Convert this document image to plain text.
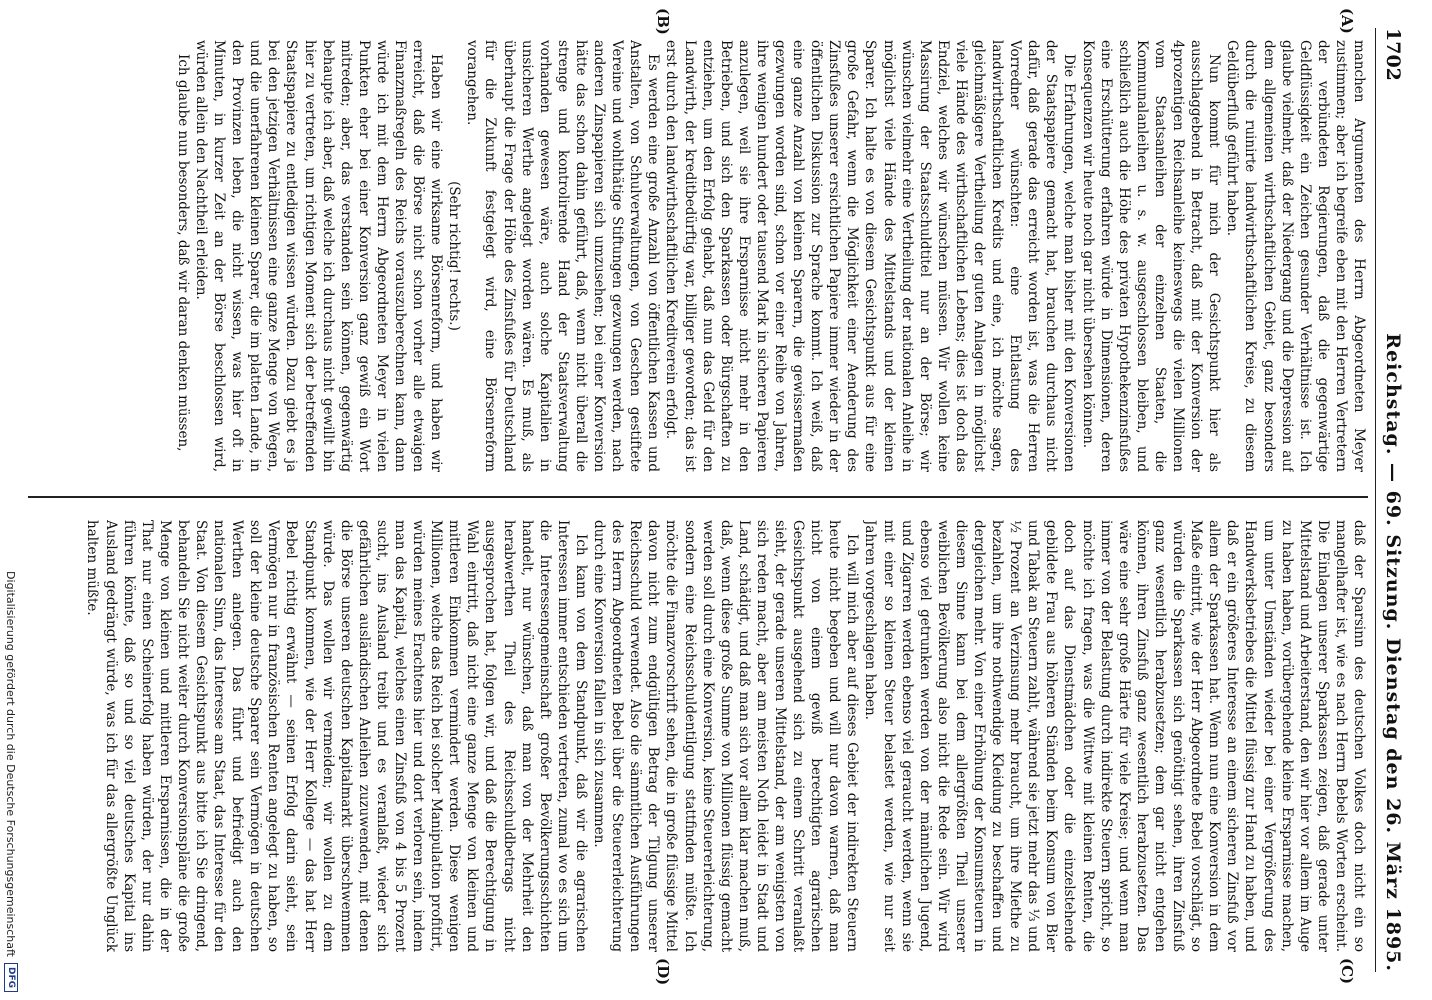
1702
Reichstag. — 69. Sitzung. Dienstag den 26. März 1895.
(A)
(B)
(C)
(D)

manchen Argumenten des Herrn Abgeordneten Meyer zustimmen; aber ich begreife eben mit den Herren Vertretern der verbündeten Regierungen, daß die gegenwärtige Geldflüssigkeit ein Zeichen gesunder Verhältnisse ist. Ich glaube vielmehr, daß der Niedergang und die Depression auf dem allgemeinen wirthschaftlichen Gebiet, ganz besonders durch die ruinirte landwirthschaftlichen Kreise, zu diesem Geldüberfluß geführt haben.

Nun kommt für mich der Gesichtspunkt hier als ausschlaggebend in Betracht, daß mit der Konversion der 4prozentigen Reichsanleihe keineswegs die vielen Millionen vom Staatsanleihen der einzelnen Staaten, die Kommunalanleihen u. s. w. ausgeschlossen bleiben, und schließlich auch die Höhe des privaten Hypothekenzinsfußes eine Erschütterung erfahren würde in Dimensionen, deren Konsequenzen wir heute noch gar nicht übersehen können.

Die Erfahrungen, welche man bisher mit den Konversionen der Staatspapiere gemacht hat, brauchen durchaus nicht dafür, daß gerade das erreicht worden ist, was die Herren Vorredner wünschten: eine Entlastung des landwirthschaftlichen Kredits und eine, ich möchte sagen, gleichmäßigere Vertheilung der guten Anlagen in möglichst viele Hände des wirthschaftlichen Lebens; dies ist doch das Endziel, welches wir wünschen müssen. Wir wollen keine Massirung der Staatsschuldtitel nur an der Börse; wir wünschen vielmehr eine Vertheilung der nationalen Anleihe in möglichst viele Hände des Mittelstands und der kleinen Sparer. Ich halte es von diesem Gesichtspunkt aus für eine große Gefahr, wenn die Möglichkeit einer Aenderung des Zinsfußes unserer ersichtlichen Papiere immer wieder in der öffentlichen Diskussion zur Sprache kommt. Ich weiß, daß eine ganze Anzahl von kleinen Sparern, die gewissermaßen gezwungen worden sind, schon vor einer Reihe von Jahren, ihre wenigen hundert oder tausend Mark in sicheren Papieren anzulegen, weil sie ihre Ersparnisse nicht mehr in den Betrieben, und sich den Sparkassen oder Bürgschaften zu entziehen, um den Erfolg gehabt, daß nun das Geld für den Landwirth, der kreditbedürftig war, billiger geworden; das ist erst durch den landwirthschaftlichen Kreditverein erfolgt.

Es werden eine große Anzahl von öffentlichen Kassen und Anstalten, von Schulverwaltungen, von Geschen gestiftete Vereine und wohlthätige Stiftungen gezwungen werden, nach anderen Zinspapieren sich umzusehen; bei einer Konversion hätte das schon dahin geführt, daß, wenn nicht überall die strenge und kontrolirende Hand der Staatsverwaltung vorhanden gewesen wäre, auch solche Kapitalien in unsicheren Werthe angelegt worden wären. Es muß, als überhaupt die Frage der Höhe des Zinsfußes für Deutschland für die Zukunft festgelegt wird, eine Börsenreform vorangehen.

(Sehr richtig! rechts.)

Haben wir eine wirksame Börsenreform, und haben wir erreicht, daß die Börse nicht schon vorher alle etwaigen Finanzmaßregeln des Reichs vorauszuberechnen kann, dann würde ich mit dem Herrn Abgeordneten Meyer in vielen Punkten eher bei einer Konversion ganz gewiß ein Wort mitreden; aber, das verstanden sein können, gegenwärtig behaupte ich aber, daß welche ich durchaus nicht gewillt bin hier zu vertreten, um richtigen Moment sich der betreffenden Staatspapiere zu entledigen wissen würden. Dazu giebt es ja bei den jetzigen Verhältnissen eine ganze Menge von Wegen, und die unerfahrenen kleinen Sparer, die im platten Lande, in den Provinzen leben, die nicht wissen, was hier oft in Minuten, in kurzer Zeit an der Börse beschlossen wird, würden allein den Nachtheil erleiden.

Ich glaube nun besonders, daß wir daran denken müssen,

daß der Sparsinn des deutschen Volkes doch nicht ein so mangelhafter ist, wie es nach Herrn Bebels Worten erscheint. Die Einlagen unserer Sparkassen zeigen, daß gerade unter Mittelstand und Arbeiterstand, den wir hier vor allem im Auge zu haben haben, vorübergehende kleine Ersparnisse machen, um unter Umständen wieder bei einer Vergrößerung des Handwerksbetriebes die Mittel flüssig zur Hand zu haben, und daß er ein größeres Interesse an einem sicheren Zinsfuß vor allem der Sparkassen hat. Wenn nun eine Konversion in dem Maße eintritt, wie der Herr Abgeordnete Bebel vorschlägt, so würden die Sparkassen sich genöthigt sehen, ihren Zinsfuß ganz wesentlich herabzusetzen; dem gar nicht entgehen können, ihren Zinsfuß ganz wesentlich herabzusetzen. Das wäre eine sehr große Härte für viele Kreise; und wenn man immer von der Belastung durch indirekte Steuern spricht, so möchte ich fragen, was die Wittwe mit kleinen Renten, die doch auf das Dienstmädchen oder die einzelstehende gebildete Frau aus höheren Ständen beim Konsum von Bier und Tabak an Steuern zahlt, während sie jetzt mehr das ⅓ und ½ Prozent an Verzinsung mehr braucht, um ihre Miethe zu bezahlen, um ihre nothwendige Kleidung zu beschaffen und dergleichen mehr. Von einer Erhöhung der Konsumsteuern in diesem Sinne kann bei dem allergrößten Theil unserer weiblichen Bevölkerung also nicht die Rede sein. Wir wird ebenso viel getrunken werden von der männlichen Jugend, und Zigarren werden ebenso viel geraucht werden, wenn sie mit einer so kleinen Steuer belastet werden, wie nur seit Jahren vorgeschlagen haben.

Ich will mich aber auf dieses Gebiet der indirekten Steuern heute nicht begeben und will nur davon warnen, daß man nicht von einem gewiß berechtigten agrarischen Gesichtspunkt ausgehend sich zu einem Schritt veranlaßt sieht, der gerade unseren Mittelstand, der am wenigsten von sich reden macht, aber am meisten Noth leidet in Stadt und Land, schädigt, und daß man sich vor allem klar machen muß, daß, wenn diese große Summe von Millionen flüssig gemacht werden soll durch eine Konversion, keine Steuererleichterung, sondern eine Reichsschuldentilgung stattfinden müßte. Ich möchte die Finanzvorschrift sehen, die in große flüssige Mittel davon nicht zum endgültigen Betrag der Tilgung unserer Reichsschuld verwendet. Also die sämmtlichen Ausführungen des Herrn Abgeordneten Bebel über die Steuererleichterung durch eine Konversion fallen in sich zusammen.

Ich kann von dem Standpunkt, daß wir die agrarischen Interessen immer entschieden vertreten, zumal wo es sich um die Interessengemeinschaft großer Bevölkerungsschichten handelt, nur wünschen, daß man von der Mehrheit den herabwerthen Theil des Reichsschuldbetrags nicht ausgesprochen hat, folgen wir, und daß die Berechtigung in Wahl eintritt, daß nicht eine ganze Menge von kleinen und mittleren Einkommen vermindert werden. Diese wenigen Millionen, welche das Reich bei solcher Manipulation profitirt, würden meines Erachtens hier und dort verloren sein, indem man das Kapital, welches einen Zinsfuß von 4 bis 5 Prozent sucht, ins Ausland treibt und es veranlaßt, wieder sich gefährlichen ausländischen Anleihen zuzuwenden, mit denen die Börse unseren deutschen Kapitalmarkt überschwemmen würde. Das wollen wir vermeiden; wir wollen zu dem Standpunkt kommen, wie der Herr Kollege — das hat Herr Bebel richtig erwähnt — seinen Erfolg darin sieht, sein Vermögen nur in französischen Renten angelegt zu haben, so soll der kleine deutsche Sparer sein Vermögen in deutschen Werthen anlegen. Das führt und befriedigt auch den nationalen Sinn, das Interesse am Staat, das Interesse für den Staat. Von diesem Gesichtspunkt aus bitte ich Sie dringend, behandeln Sie nicht weiter durch Konversionspläne die große Menge von kleinen und mittleren Ersparnissen, die in der That nur einen Scheinerfolg haben würden, der nur dahin führen könnte, daß so und so viel deutsches Kapital ins Ausland gedrängt würde, was ich für das allergrößte Unglück halten müßte.

Digitalisierung gefördert durch die Deutsche Forschungsgemeinschaft
DFG
